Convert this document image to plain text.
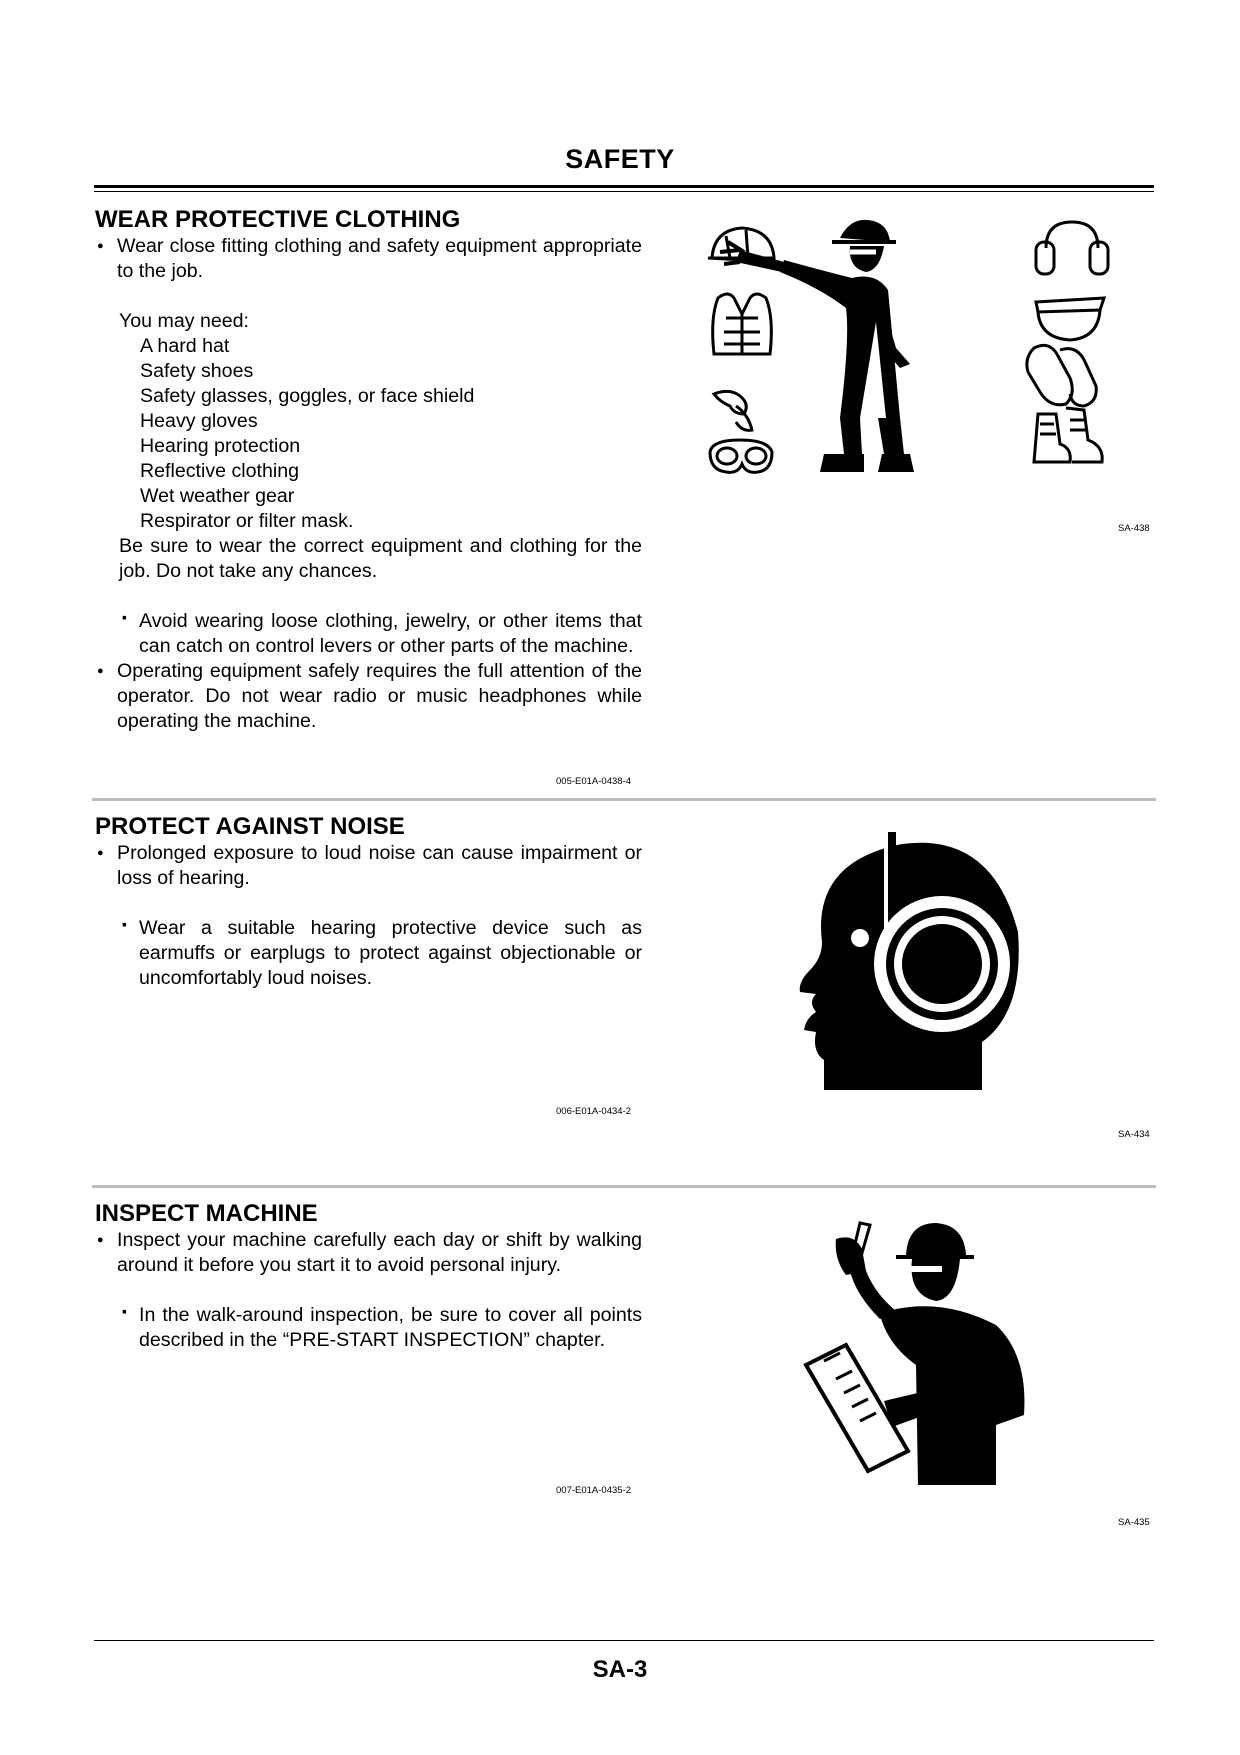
SAFETY
WEAR PROTECTIVE CLOTHING
● Wear close fitting clothing and safety equipment appropriate to the job.
You may need:
A hard hat
Safety shoes
Safety glasses, goggles, or face shield
Heavy gloves
Hearing protection
Reflective clothing
Wet weather gear
Respirator or filter mask.
Be sure to wear the correct equipment and clothing for the job. Do not take any chances.
· Avoid wearing loose clothing, jewelry, or other items that can catch on control levers or other parts of the machine.
● Operating equipment safely requires the full attention of the operator. Do not wear radio or music headphones while operating the machine.
005-E01A-0438-4
SA-438
PROTECT AGAINST NOISE
● Prolonged exposure to loud noise can cause impairment or loss of hearing.
· Wear a suitable hearing protective device such as earmuffs or earplugs to protect against objectionable or uncomfortably loud noises.
006-E01A-0434-2
SA-434
INSPECT MACHINE
● Inspect your machine carefully each day or shift by walking around it before you start it to avoid personal injury.
· In the walk-around inspection, be sure to cover all points described in the “PRE-START INSPECTION” chapter.
007-E01A-0435-2
SA-435
SA-3
